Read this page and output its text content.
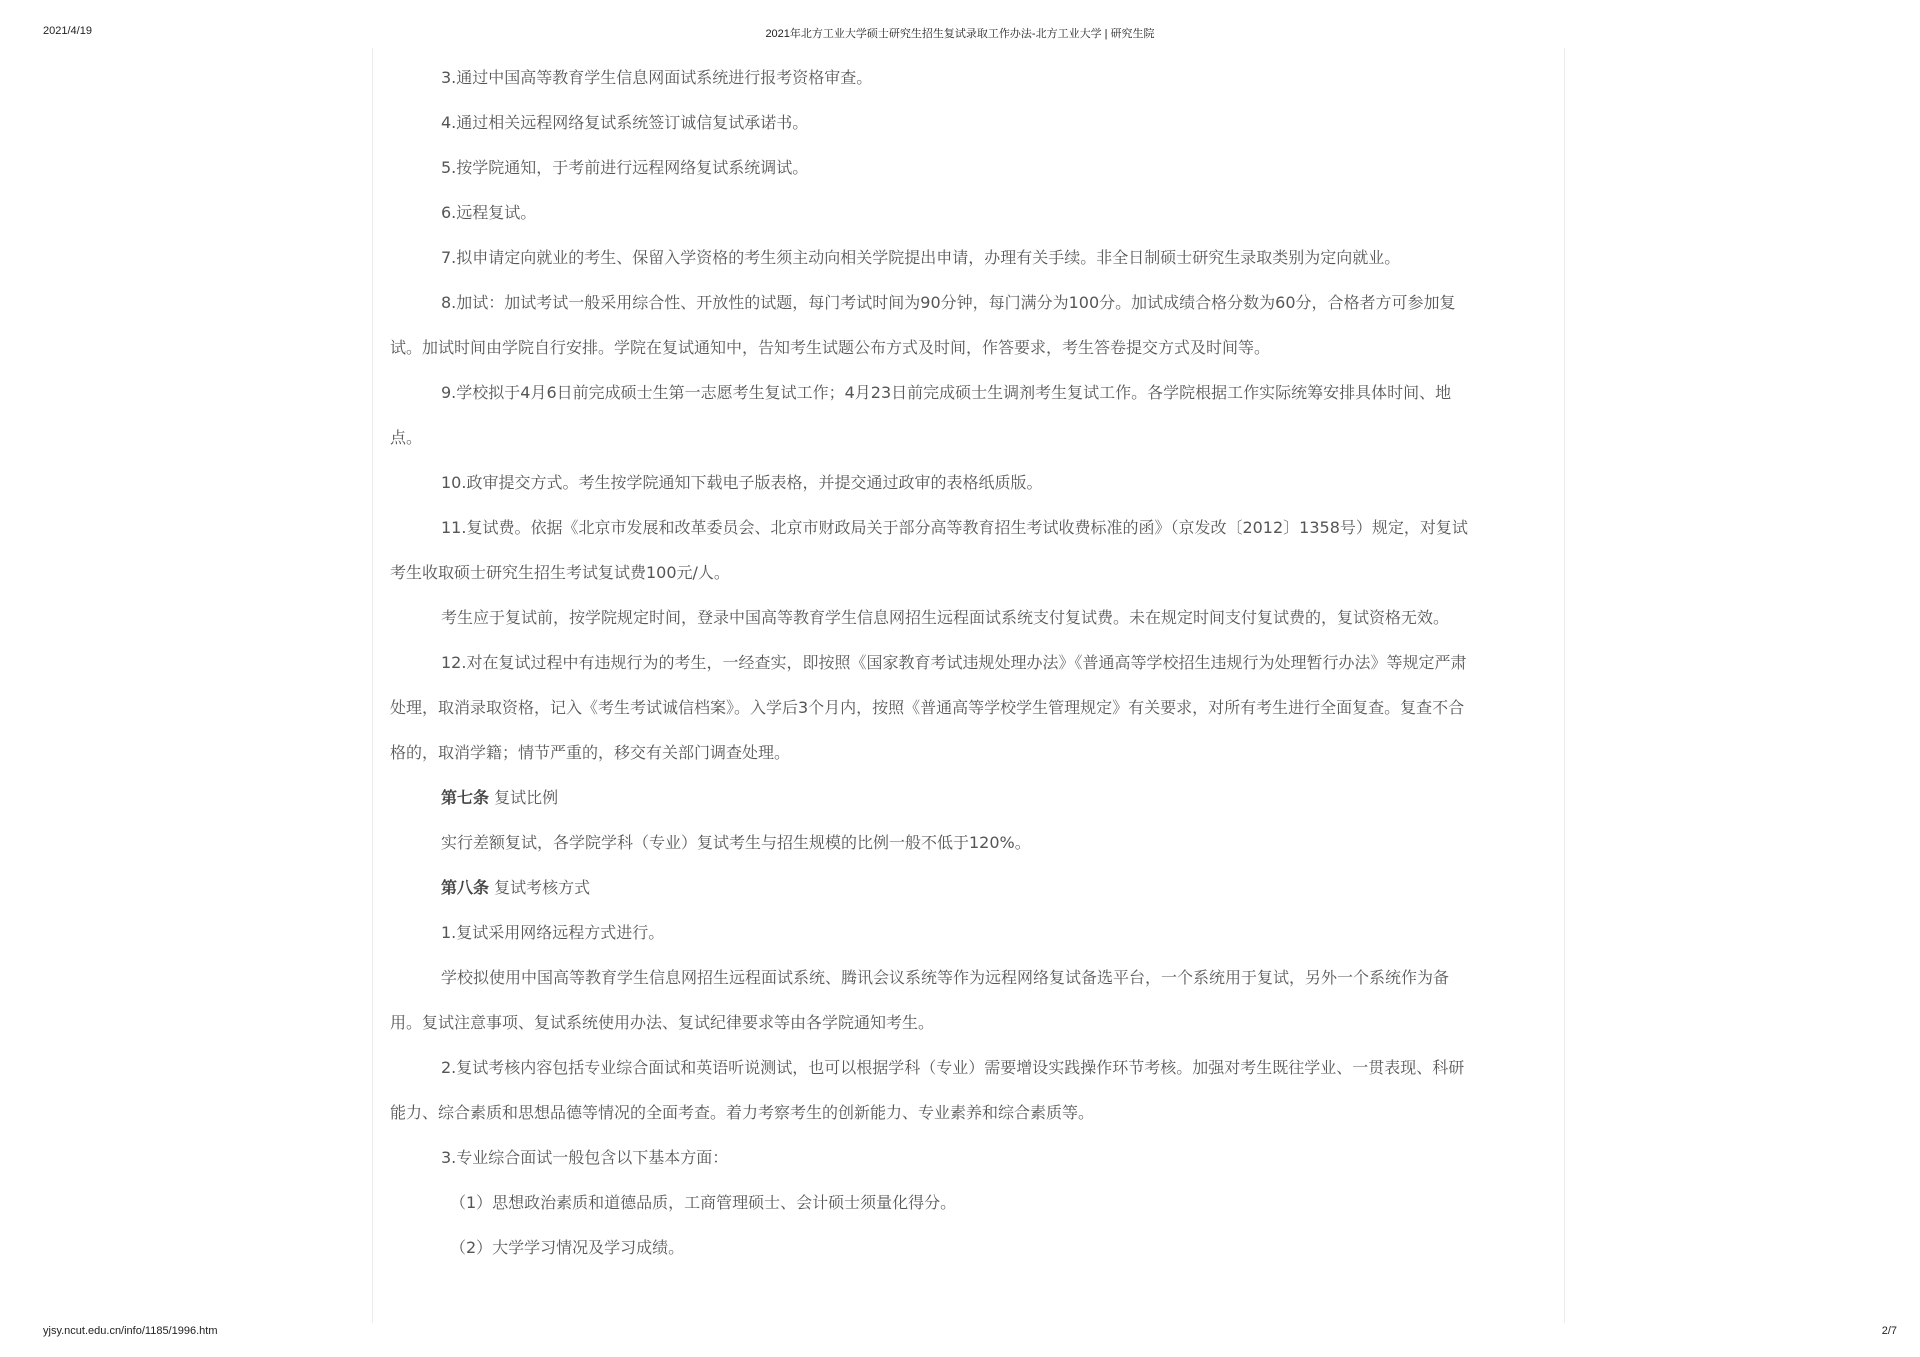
2021/4/19	2021年北方工业大学硕士研究生招生复试录取工作办法-北方工业大学 | 研究生院

3.通过中国高等教育学生信息网面试系统进行报考资格审查。

4.通过相关远程网络复试系统签订诚信复试承诺书。

5.按学院通知，于考前进行远程网络复试系统调试。

6.远程复试。

7.拟申请定向就业的考生、保留入学资格的考生须主动向相关学院提出申请，办理有关手续。非全日制硕士研究生录取类别为定向就业。

8.加试：加试考试一般采用综合性、开放性的试题，每门考试时间为90分钟，每门满分为100分。加试成绩合格分数为60分，合格者方可参加复

试。加试时间由学院自行安排。学院在复试通知中，告知考生试题公布方式及时间，作答要求，考生答卷提交方式及时间等。

9.学校拟于4月6日前完成硕士生第一志愿考生复试工作；4月23日前完成硕士生调剂考生复试工作。各学院根据工作实际统筹安排具体时间、地

点。

10.政审提交方式。考生按学院通知下载电子版表格，并提交通过政审的表格纸质版。

11.复试费。依据《北京市发展和改革委员会、北京市财政局关于部分高等教育招生考试收费标准的函》（京发改〔2012〕1358号）规定，对复试

考生收取硕士研究生招生考试复试费100元/人。

考生应于复试前，按学院规定时间，登录中国高等教育学生信息网招生远程面试系统支付复试费。未在规定时间支付复试费的，复试资格无效。

12.对在复试过程中有违规行为的考生，一经查实，即按照《国家教育考试违规处理办法》《普通高等学校招生违规行为处理暂行办法》等规定严肃

处理，取消录取资格，记入《考生考试诚信档案》。入学后3个月内，按照《普通高等学校学生管理规定》有关要求，对所有考生进行全面复查。复查不合

格的，取消学籍；情节严重的，移交有关部门调查处理。

第七条 复试比例

实行差额复试，各学院学科（专业）复试考生与招生规模的比例一般不低于120%。

第八条 复试考核方式

1.复试采用网络远程方式进行。

学校拟使用中国高等教育学生信息网招生远程面试系统、腾讯会议系统等作为远程网络复试备选平台，一个系统用于复试，另外一个系统作为备

用。复试注意事项、复试系统使用办法、复试纪律要求等由各学院通知考生。

2.复试考核内容包括专业综合面试和英语听说测试，也可以根据学科（专业）需要增设实践操作环节考核。加强对考生既往学业、一贯表现、科研

能力、综合素质和思想品德等情况的全面考查。着力考察考生的创新能力、专业素养和综合素质等。

3.专业综合面试一般包含以下基本方面：

（1）思想政治素质和道德品质，工商管理硕士、会计硕士须量化得分。

（2）大学学习情况及学习成绩。

yjsy.ncut.edu.cn/info/1185/1996.htm	2/7
